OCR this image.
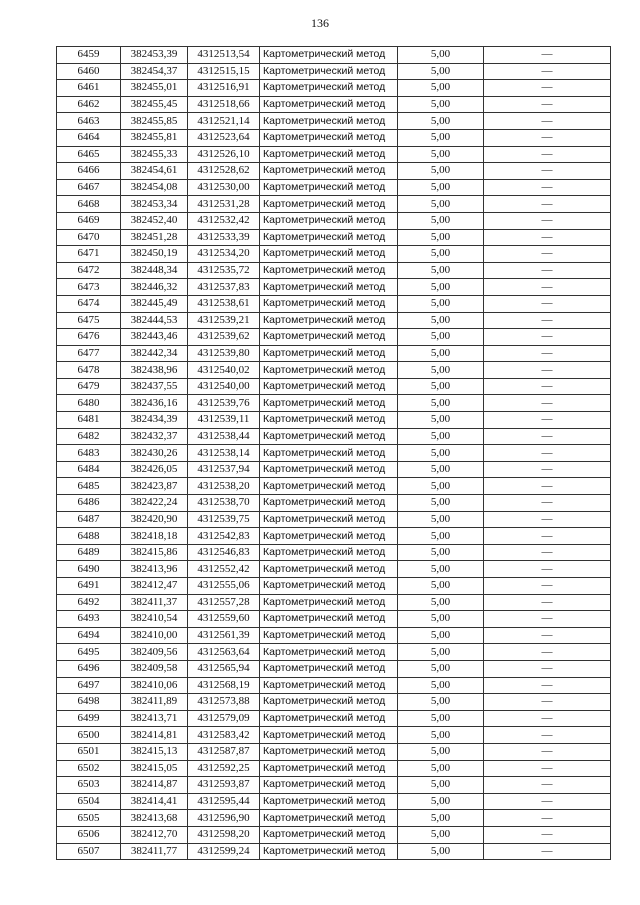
136
6459	382453,39	4312513,54	Картометрический метод	5,00	—
6460	382454,37	4312515,15	Картометрический метод	5,00	—
6461	382455,01	4312516,91	Картометрический метод	5,00	—
6462	382455,45	4312518,66	Картометрический метод	5,00	—
6463	382455,85	4312521,14	Картометрический метод	5,00	—
6464	382455,81	4312523,64	Картометрический метод	5,00	—
6465	382455,33	4312526,10	Картометрический метод	5,00	—
6466	382454,61	4312528,62	Картометрический метод	5,00	—
6467	382454,08	4312530,00	Картометрический метод	5,00	—
6468	382453,34	4312531,28	Картометрический метод	5,00	—
6469	382452,40	4312532,42	Картометрический метод	5,00	—
6470	382451,28	4312533,39	Картометрический метод	5,00	—
6471	382450,19	4312534,20	Картометрический метод	5,00	—
6472	382448,34	4312535,72	Картометрический метод	5,00	—
6473	382446,32	4312537,83	Картометрический метод	5,00	—
6474	382445,49	4312538,61	Картометрический метод	5,00	—
6475	382444,53	4312539,21	Картометрический метод	5,00	—
6476	382443,46	4312539,62	Картометрический метод	5,00	—
6477	382442,34	4312539,80	Картометрический метод	5,00	—
6478	382438,96	4312540,02	Картометрический метод	5,00	—
6479	382437,55	4312540,00	Картометрический метод	5,00	—
6480	382436,16	4312539,76	Картометрический метод	5,00	—
6481	382434,39	4312539,11	Картометрический метод	5,00	—
6482	382432,37	4312538,44	Картометрический метод	5,00	—
6483	382430,26	4312538,14	Картометрический метод	5,00	—
6484	382426,05	4312537,94	Картометрический метод	5,00	—
6485	382423,87	4312538,20	Картометрический метод	5,00	—
6486	382422,24	4312538,70	Картометрический метод	5,00	—
6487	382420,90	4312539,75	Картометрический метод	5,00	—
6488	382418,18	4312542,83	Картометрический метод	5,00	—
6489	382415,86	4312546,83	Картометрический метод	5,00	—
6490	382413,96	4312552,42	Картометрический метод	5,00	—
6491	382412,47	4312555,06	Картометрический метод	5,00	—
6492	382411,37	4312557,28	Картометрический метод	5,00	—
6493	382410,54	4312559,60	Картометрический метод	5,00	—
6494	382410,00	4312561,39	Картометрический метод	5,00	—
6495	382409,56	4312563,64	Картометрический метод	5,00	—
6496	382409,58	4312565,94	Картометрический метод	5,00	—
6497	382410,06	4312568,19	Картометрический метод	5,00	—
6498	382411,89	4312573,88	Картометрический метод	5,00	—
6499	382413,71	4312579,09	Картометрический метод	5,00	—
6500	382414,81	4312583,42	Картометрический метод	5,00	—
6501	382415,13	4312587,87	Картометрический метод	5,00	—
6502	382415,05	4312592,25	Картометрический метод	5,00	—
6503	382414,87	4312593,87	Картометрический метод	5,00	—
6504	382414,41	4312595,44	Картометрический метод	5,00	—
6505	382413,68	4312596,90	Картометрический метод	5,00	—
6506	382412,70	4312598,20	Картометрический метод	5,00	—
6507	382411,77	4312599,24	Картометрический метод	5,00	—
